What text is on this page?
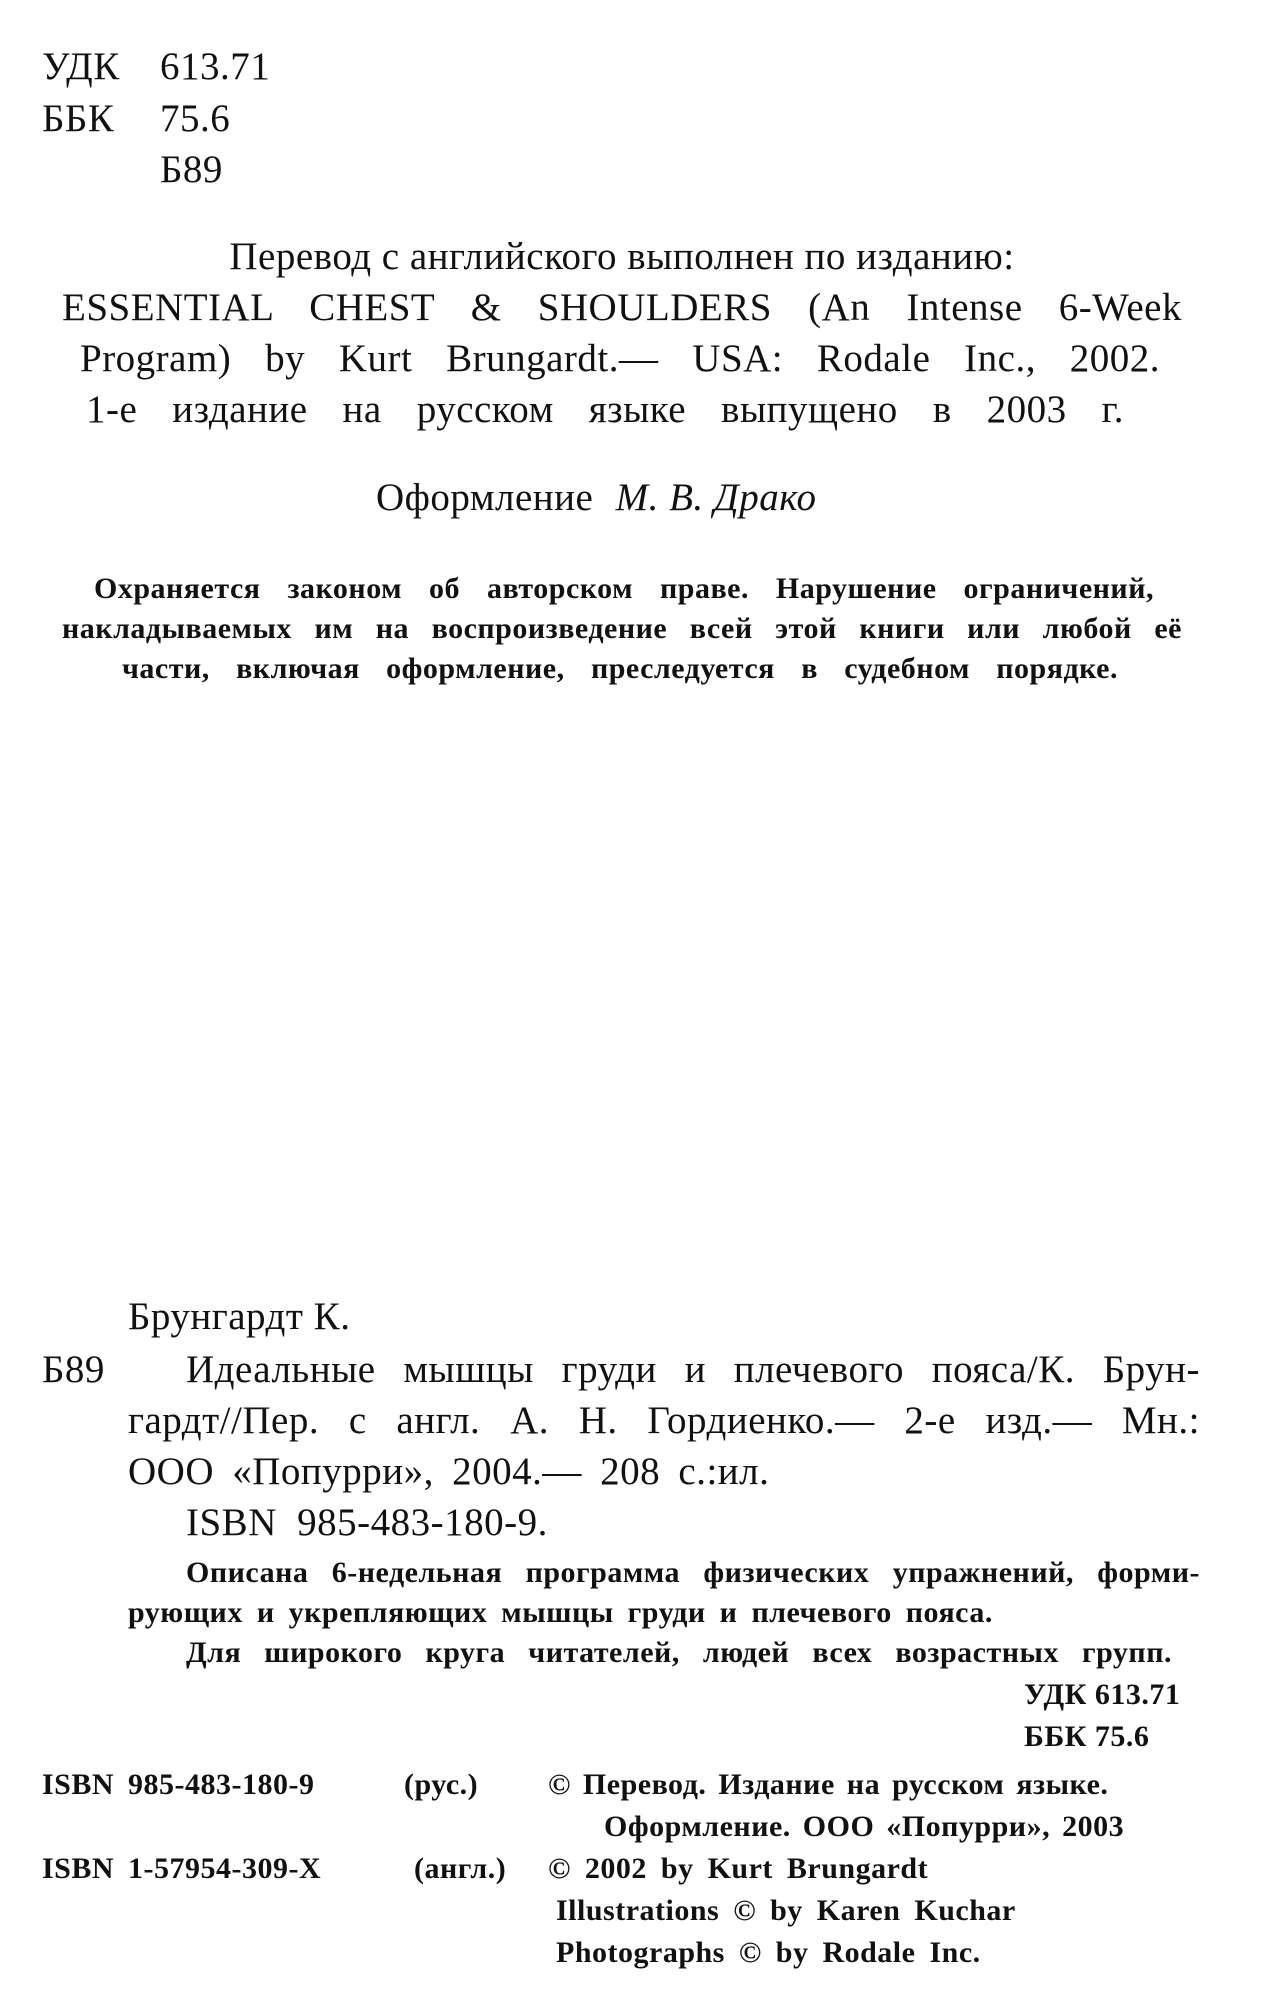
УДК 613.71
ББК 75.6
Б89
Перевод с английского выполнен по изданию:
ESSENTIAL CHEST & SHOULDERS (An Intense 6-Week
Program) by Kurt Brungardt.— USA: Rodale Inc., 2002.
1-е издание на русском языке выпущено в 2003 г.
Оформление М. В. Драко
Охраняется законом об авторском праве. Нарушение ограничений,
накладываемых им на воспроизведение всей этой книги или любой её
части, включая оформление, преследуется в судебном порядке.
Брунгардт К.
Б89 Идеальные мышцы груди и плечевого пояса/К. Брун-
гардт//Пер. с англ. А. Н. Гордиенко.— 2-е изд.— Мн.:
ООО «Попурри», 2004.— 208 с.:ил.
ISBN 985-483-180-9.
Описана 6-недельная программа физических упражнений, форми-
рующих и укрепляющих мышцы груди и плечевого пояса.
Для широкого круга читателей, людей всех возрастных групп.
УДК 613.71
ББК 75.6
ISBN 985-483-180-9	(рус.) © Перевод. Издание на русском языке.
Оформление. ООО «Попурри», 2003
ISBN 1-57954-309-X	(англ.) © 2002 by Kurt Brungardt
Illustrations © by Karen Kuchar
Photographs © by Rodale Inc.
